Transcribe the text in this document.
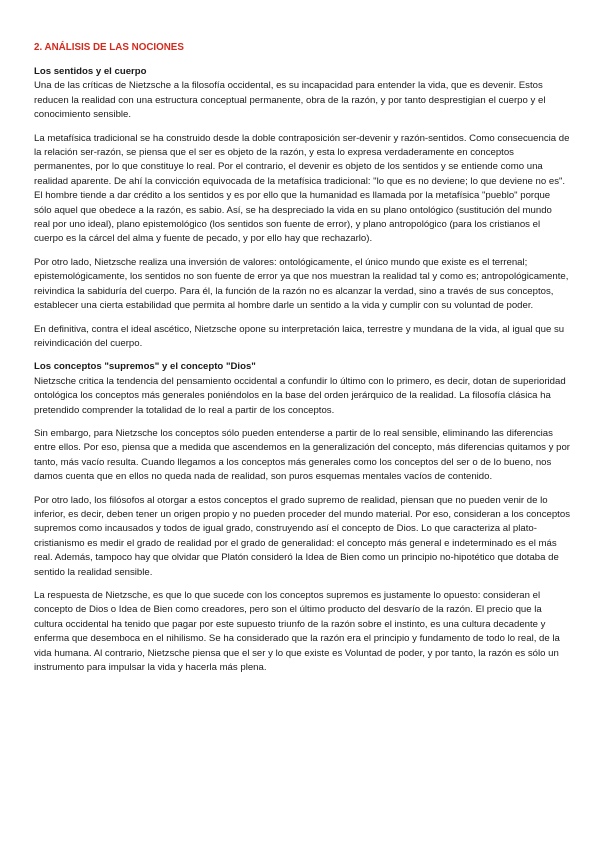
2. ANÁLISIS DE LAS NOCIONES
Los sentidos y el cuerpo

Una de las críticas de Nietzsche a la filosofía occidental, es su incapacidad para entender la vida, que es devenir. Estos reducen la realidad con una estructura conceptual permanente, obra de la razón, y por tanto desprestigian el cuerpo y el conocimiento sensible.

La metafísica tradicional se ha construido desde la doble contraposición ser-devenir y razón-sentidos. Como consecuencia de la relación ser-razón, se piensa que el ser es objeto de la razón, y esta lo expresa verdaderamente en conceptos permanentes, por lo que constituye lo real. Por el contrario, el devenir es objeto de los sentidos y se entiende como una realidad aparente. De ahí la convicción equivocada de la metafísica tradicional: "lo que es no deviene; lo que deviene no es".

El hombre tiende a dar crédito a los sentidos y es por ello que la humanidad es llamada por la metafísica "pueblo" porque sólo aquel que obedece a la razón, es sabio. Así, se ha despreciado la vida en su plano ontológico (sustitución del mundo real por uno ideal), plano epistemológico (los sentidos son fuente de error), y plano antropológico (para los cristianos el cuerpo es la cárcel del alma y fuente de pecado, y por ello hay que rechazarlo).

Por otro lado, Nietzsche realiza una inversión de valores: ontológicamente, el único mundo que existe es el terrenal; epistemológicamente, los sentidos no son fuente de error ya que nos muestran la realidad tal y como es; antropológicamente, reivindica la sabiduría del cuerpo. Para él, la función de la razón no es alcanzar la verdad, sino a través de sus conceptos, establecer una cierta estabilidad que permita al hombre darle un sentido a la vida y cumplir con su voluntad de poder.

En definitiva, contra el ideal ascético, Nietzsche opone su interpretación laica, terrestre y mundana de la vida, al igual que su reivindicación del cuerpo.

Los conceptos "supremos" y el concepto "Dios"

Nietzsche critica la tendencia del pensamiento occidental a confundir lo último con lo primero, es decir, dotan de superioridad ontológica los conceptos más generales poniéndolos en la base del orden jerárquico de la realidad. La filosofía clásica ha pretendido comprender la totalidad de lo real a partir de los conceptos.

Sin embargo, para Nietzsche los conceptos sólo pueden entenderse a partir de lo real sensible, eliminando las diferencias entre ellos. Por eso, piensa que a medida que ascendemos en la generalización del concepto, más diferencias quitamos y por tanto, más vacío resulta. Cuando llegamos a los conceptos más generales como los conceptos del ser o de lo bueno, nos damos cuenta que en ellos no queda nada de realidad, son puros esquemas mentales vacíos de contenido.

Por otro lado, los filósofos al otorgar a estos conceptos el grado supremo de realidad, piensan que no pueden venir de lo inferior, es decir, deben tener un origen propio y no pueden proceder del mundo material. Por eso, consideran a los conceptos supremos como incausados y todos de igual grado, construyendo así el concepto de Dios. Lo que caracteriza al plato-cristianismo es medir el grado de realidad por el grado de generalidad: el concepto más general e indeterminado es el más real. Además, tampoco hay que olvidar que Platón consideró la Idea de Bien como un principio no-hipotético que dotaba de sentido la realidad sensible.

La respuesta de Nietzsche, es que lo que sucede con los conceptos supremos es justamente lo opuesto: consideran el concepto de Dios o Idea de Bien como creadores, pero son el último producto del desvarío de la razón. El precio que la cultura occidental ha tenido que pagar por este supuesto triunfo de la razón sobre el instinto, es una cultura decadente y enferma que desemboca en el nihilismo. Se ha considerado que la razón era el principio y fundamento de todo lo real, de la vida humana. Al contrario, Nietzsche piensa que el ser y lo que existe es Voluntad de poder, y por tanto, la razón es sólo un instrumento para impulsar la vida y hacerla más plena.
